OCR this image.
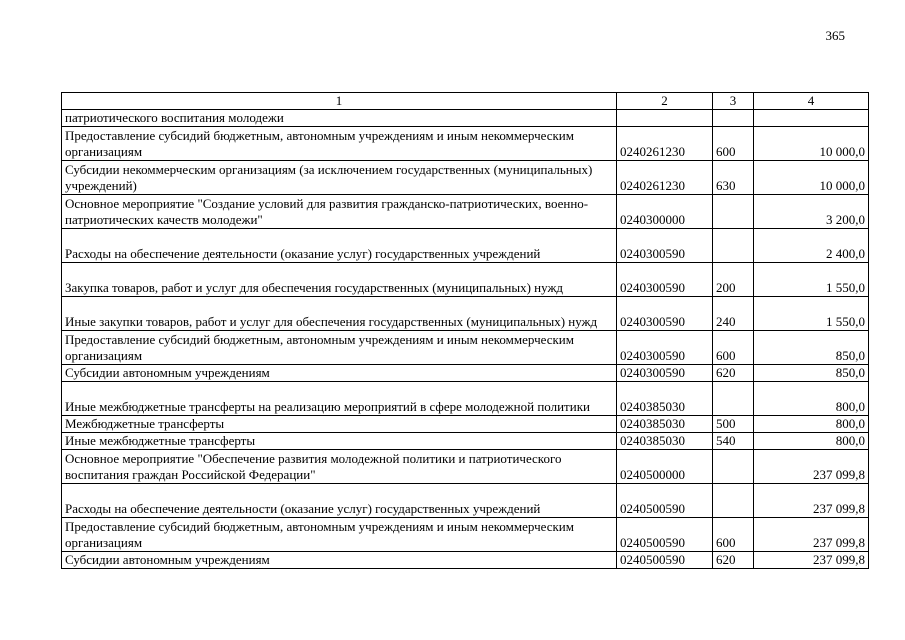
365
1	2	3	4
патриотического воспитания молодежи			
Предоставление субсидий бюджетным, автономным учреждениям и иным некоммерческим организациям	0240261230	600	10 000,0
Субсидии некоммерческим организациям (за исключением государственных (муниципальных) учреждений)	0240261230	630	10 000,0
Основное мероприятие "Создание условий для развития гражданско-патриотических, военно-патриотических качеств молодежи"	0240300000		3 200,0
Расходы на обеспечение деятельности (оказание услуг) государственных учреждений	0240300590		2 400,0
Закупка товаров, работ и услуг для обеспечения государственных (муниципальных) нужд	0240300590	200	1 550,0
Иные закупки товаров, работ и услуг для обеспечения государственных (муниципальных) нужд	0240300590	240	1 550,0
Предоставление субсидий бюджетным, автономным учреждениям и иным некоммерческим организациям	0240300590	600	850,0
Субсидии автономным учреждениям	0240300590	620	850,0
Иные межбюджетные трансферты на реализацию мероприятий в сфере молодежной политики	0240385030		800,0
Межбюджетные трансферты	0240385030	500	800,0
Иные межбюджетные трансферты	0240385030	540	800,0
Основное мероприятие "Обеспечение развития молодежной политики и патриотического воспитания граждан Российской Федерации"	0240500000		237 099,8
Расходы на обеспечение деятельности (оказание услуг) государственных учреждений	0240500590		237 099,8
Предоставление субсидий бюджетным, автономным учреждениям и иным некоммерческим организациям	0240500590	600	237 099,8
Субсидии автономным учреждениям	0240500590	620	237 099,8
